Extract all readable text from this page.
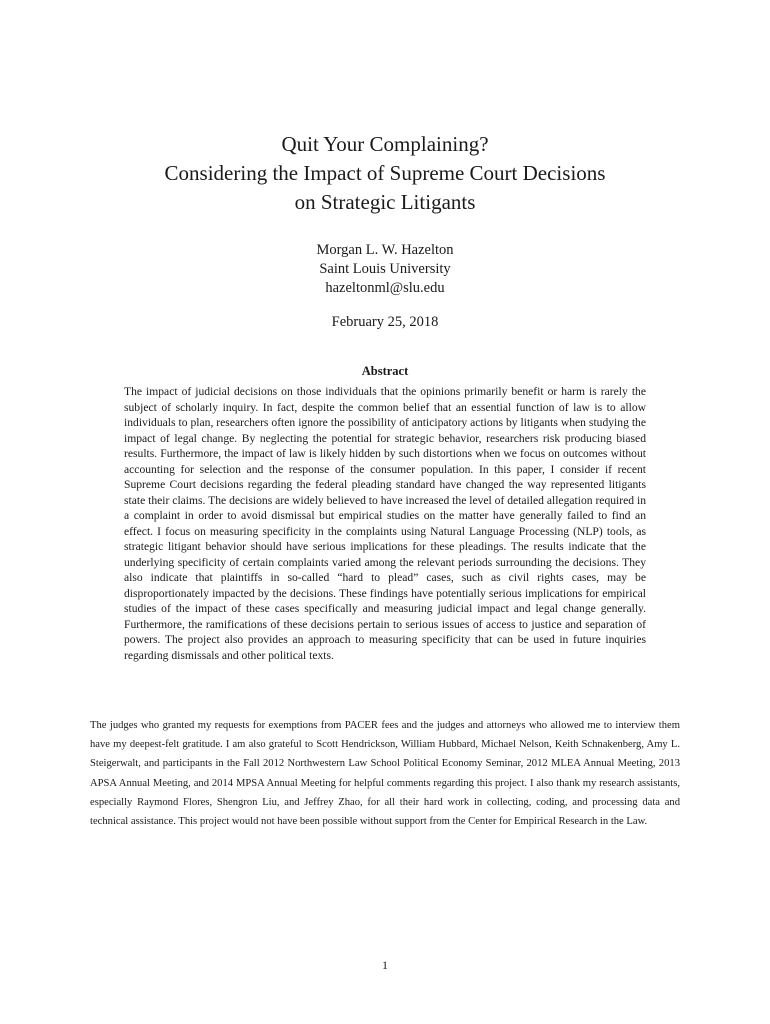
Quit Your Complaining?
Considering the Impact of Supreme Court Decisions
on Strategic Litigants
Morgan L. W. Hazelton
Saint Louis University
hazeltonml@slu.edu
February 25, 2018
Abstract
The impact of judicial decisions on those individuals that the opinions primarily benefit or harm is rarely the subject of scholarly inquiry. In fact, despite the common belief that an essential function of law is to allow individuals to plan, researchers often ignore the possibility of anticipatory actions by litigants when studying the impact of legal change. By neglecting the potential for strategic behavior, researchers risk producing biased results. Furthermore, the impact of law is likely hidden by such distortions when we focus on outcomes without accounting for selection and the response of the consumer population. In this paper, I consider if recent Supreme Court decisions regarding the federal pleading standard have changed the way represented litigants state their claims. The decisions are widely believed to have increased the level of detailed allegation required in a complaint in order to avoid dismissal but empirical studies on the matter have generally failed to find an effect. I focus on measuring specificity in the complaints using Natural Language Processing (NLP) tools, as strategic litigant behavior should have serious implications for these pleadings. The results indicate that the underlying specificity of certain complaints varied among the relevant periods surrounding the decisions. They also indicate that plaintiffs in so-called “hard to plead” cases, such as civil rights cases, may be disproportionately impacted by the decisions. These findings have potentially serious implications for empirical studies of the impact of these cases specifically and measuring judicial impact and legal change generally. Furthermore, the ramifications of these decisions pertain to serious issues of access to justice and separation of powers. The project also provides an approach to measuring specificity that can be used in future inquiries regarding dismissals and other political texts.
The judges who granted my requests for exemptions from PACER fees and the judges and attorneys who allowed me to interview them have my deepest-felt gratitude. I am also grateful to Scott Hendrickson, William Hubbard, Michael Nelson, Keith Schnakenberg, Amy L. Steigerwalt, and participants in the Fall 2012 Northwestern Law School Political Economy Seminar, 2012 MLEA Annual Meeting, 2013 APSA Annual Meeting, and 2014 MPSA Annual Meeting for helpful comments regarding this project. I also thank my research assistants, especially Raymond Flores, Shengron Liu, and Jeffrey Zhao, for all their hard work in collecting, coding, and processing data and technical assistance. This project would not have been possible without support from the Center for Empirical Research in the Law.
1
